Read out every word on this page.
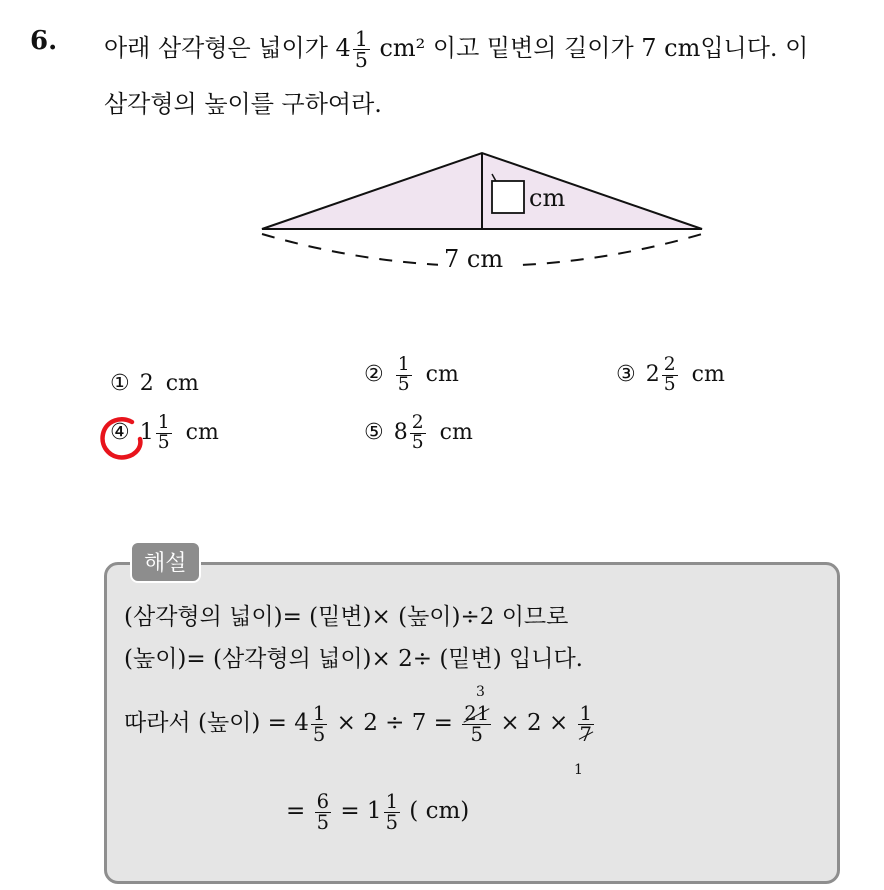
6. 아래 삼각형은 넓이가 $4 \frac{1}{5} cm^2$ 이고 밑변의 길이가 7 cm입니다. 이
삼각형의 높이를 구하여라.
cm
7 cm
① 2 cm	② $\frac{1}{5}$ cm	③ $2 \frac{2}{5}$ cm
④ $1 \frac{1}{5}$ cm	⑤ $8 \frac{2}{5}$ cm
해설
(삼각형의 넓이)= (밑변)× (높이)÷2 이므로
(높이)= (삼각형의 넓이)× 2÷ (밑변) 입니다.
따라서 (높이) = $4 \frac{1}{5} \times 2 \div 7 = \frac{21}{5} \times 2 \times \frac{1}{7}$
3
1
= $\frac{6}{5} = 1 \frac{1}{5}$ ( cm)
